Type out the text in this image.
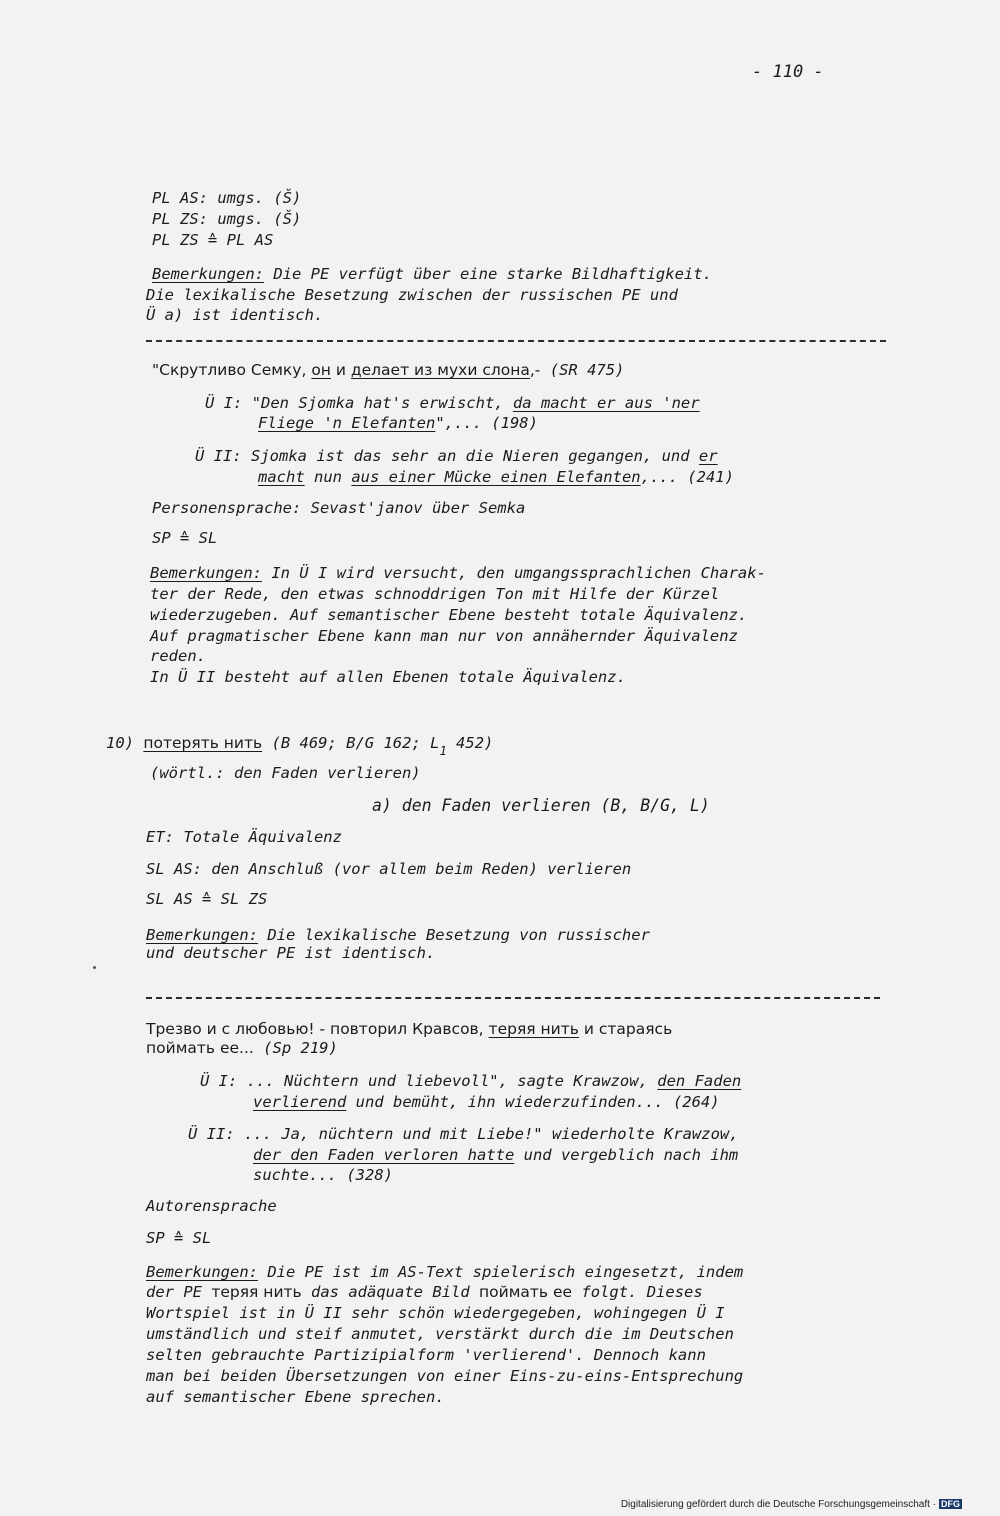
- 110 -
PL AS: umgs. (Š)
PL ZS: umgs. (Š)
PL ZS ≙ PL AS
Bemerkungen: Die PE verfügt über eine starke Bildhaftigkeit.
Die lexikalische Besetzung zwischen der russischen PE und
Ü a) ist identisch.
"Скрутливо Семку, он и делает из мухи слона,- (SR 475)
Ü I: "Den Sjomka hat's erwischt, da macht er aus 'ner
Fliege 'n Elefanten",... (198)
Ü II: Sjomka ist das sehr an die Nieren gegangen, und er
macht nun aus einer Mücke einen Elefanten,... (241)
Personensprache: Sevast'janov über Semka
SP ≙ SL
Bemerkungen: In Ü I wird versucht, den umgangssprachlichen Charak-
ter der Rede, den etwas schnoddrigen Ton mit Hilfe der Kürzel
wiederzugeben. Auf semantischer Ebene besteht totale Äquivalenz.
Auf pragmatischer Ebene kann man nur von annähernder Äquivalenz
reden.
In Ü II besteht auf allen Ebenen totale Äquivalenz.
10) потерять нить (B 469; B/G 162; $L_1$ 452)
(wörtl.: den Faden verlieren)
a) den Faden verlieren (B, B/G, L)
ET: Totale Äquivalenz
SL AS: den Anschluß (vor allem beim Reden) verlieren
SL AS ≙ SL ZS
Bemerkungen: Die lexikalische Besetzung von russischer
und deutscher PE ist identisch.
Трезво и с любовью! - повторил Кравсов, теряя нить и стараясь
поймать ее... (Sp 219)
Ü I: ... Nüchtern und liebevoll", sagte Krawzow, den Faden
verlierend und bemüht, ihn wiederzufinden... (264)
Ü II: ... Ja, nüchtern und mit Liebe!" wiederholte Krawzow,
der den Faden verloren hatte und vergeblich nach ihm
suchte... (328)
Autorensprache
SP ≙ SL
Bemerkungen: Die PE ist im AS-Text spielerisch eingesetzt, indem
der PE теряя нить das adäquate Bild поймать ее folgt. Dieses
Wortspiel ist in Ü II sehr schön wiedergegeben, wohingegen Ü I
umständlich und steif anmutet, verstärkt durch die im Deutschen
selten gebrauchte Partizipialform 'verlierend'. Dennoch kann
man bei beiden Übersetzungen von einer Eins-zu-eins-Entsprechung
auf semantischer Ebene sprechen.
Digitalisierung gefördert durch die Deutsche Forschungsgemeinschaft · DFG
